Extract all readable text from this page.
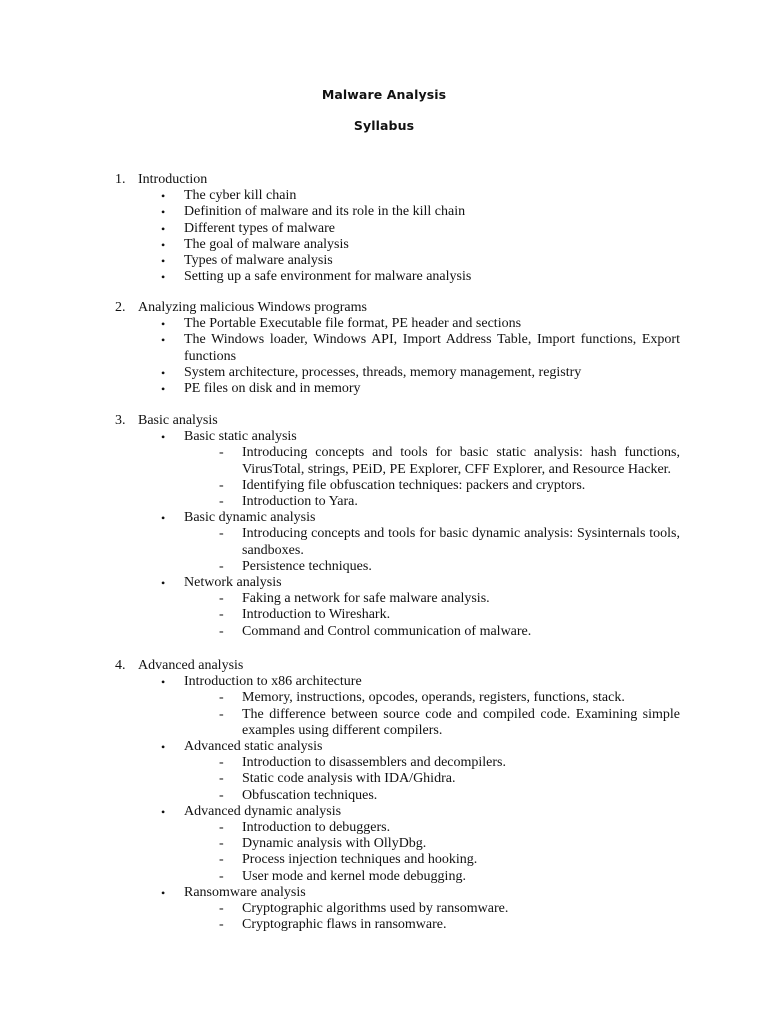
Malware Analysis
Syllabus
1. Introduction
• The cyber kill chain
• Definition of malware and its role in the kill chain
• Different types of malware
• The goal of malware analysis
• Types of malware analysis
• Setting up a safe environment for malware analysis
2. Analyzing malicious Windows programs
• The Portable Executable file format, PE header and sections
• The Windows loader, Windows API, Import Address Table, Import functions, Export functions
• System architecture, processes, threads, memory management, registry
• PE files on disk and in memory
3. Basic analysis
• Basic static analysis
- Introducing concepts and tools for basic static analysis: hash functions, VirusTotal, strings, PEiD, PE Explorer, CFF Explorer, and Resource Hacker.
- Identifying file obfuscation techniques: packers and cryptors.
- Introduction to Yara.
• Basic dynamic analysis
- Introducing concepts and tools for basic dynamic analysis: Sysinternals tools, sandboxes.
- Persistence techniques.
• Network analysis
- Faking a network for safe malware analysis.
- Introduction to Wireshark.
- Command and Control communication of malware.
4. Advanced analysis
• Introduction to x86 architecture
- Memory, instructions, opcodes, operands, registers, functions, stack.
- The difference between source code and compiled code. Examining simple examples using different compilers.
• Advanced static analysis
- Introduction to disassemblers and decompilers.
- Static code analysis with IDA/Ghidra.
- Obfuscation techniques.
• Advanced dynamic analysis
- Introduction to debuggers.
- Dynamic analysis with OllyDbg.
- Process injection techniques and hooking.
- User mode and kernel mode debugging.
• Ransomware analysis
- Cryptographic algorithms used by ransomware.
- Cryptographic flaws in ransomware.
